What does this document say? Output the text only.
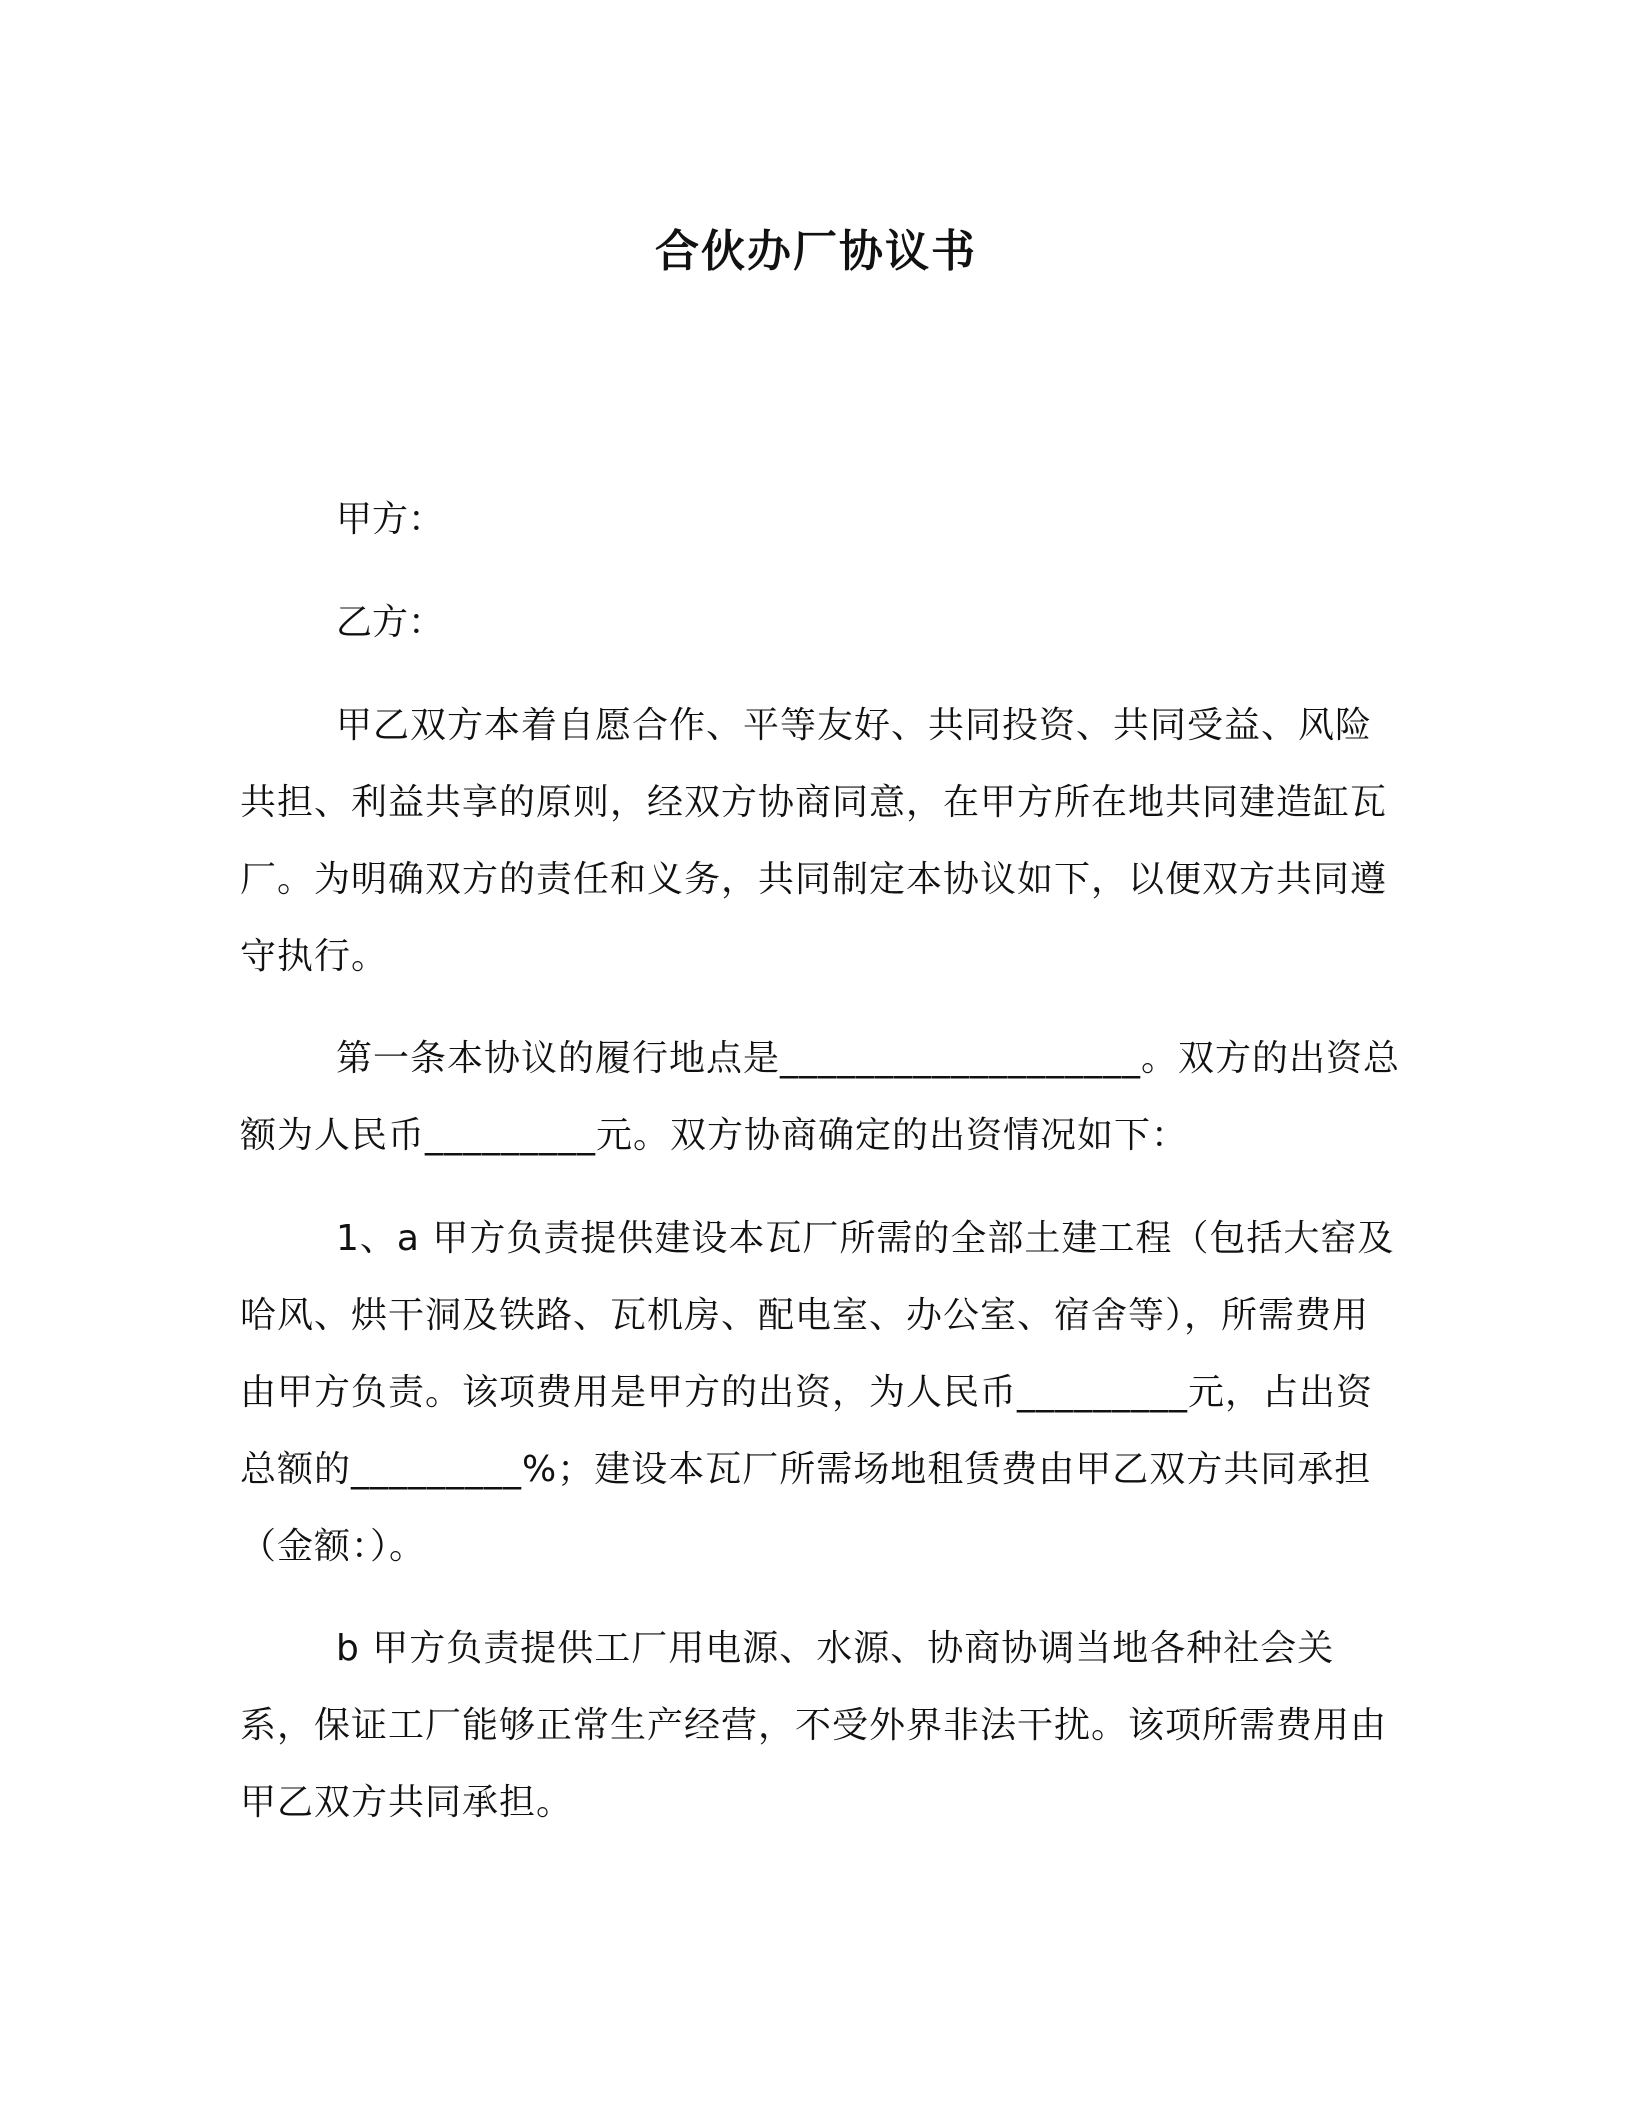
合伙办厂协议书

甲方：

乙方：

甲乙双方本着自愿合作、平等友好、共同投资、共同受益、风险共担、利益共享的原则，经双方协商同意，在甲方所在地共同建造缸瓦厂。为明确双方的责任和义务，共同制定本协议如下，以便双方共同遵守执行。

第一条本协议的履行地点是___________________。双方的出资总额为人民币_________元。双方协商确定的出资情况如下：

1、a 甲方负责提供建设本瓦厂所需的全部土建工程（包括大窑及哈风、烘干洞及铁路、瓦机房、配电室、办公室、宿舍等），所需费用由甲方负责。该项费用是甲方的出资，为人民币_________元，占出资总额的_________%；建设本瓦厂所需场地租赁费由甲乙双方共同承担（金额：）。

b 甲方负责提供工厂用电源、水源、协商协调当地各种社会关系，保证工厂能够正常生产经营，不受外界非法干扰。该项所需费用由甲乙双方共同承担。
